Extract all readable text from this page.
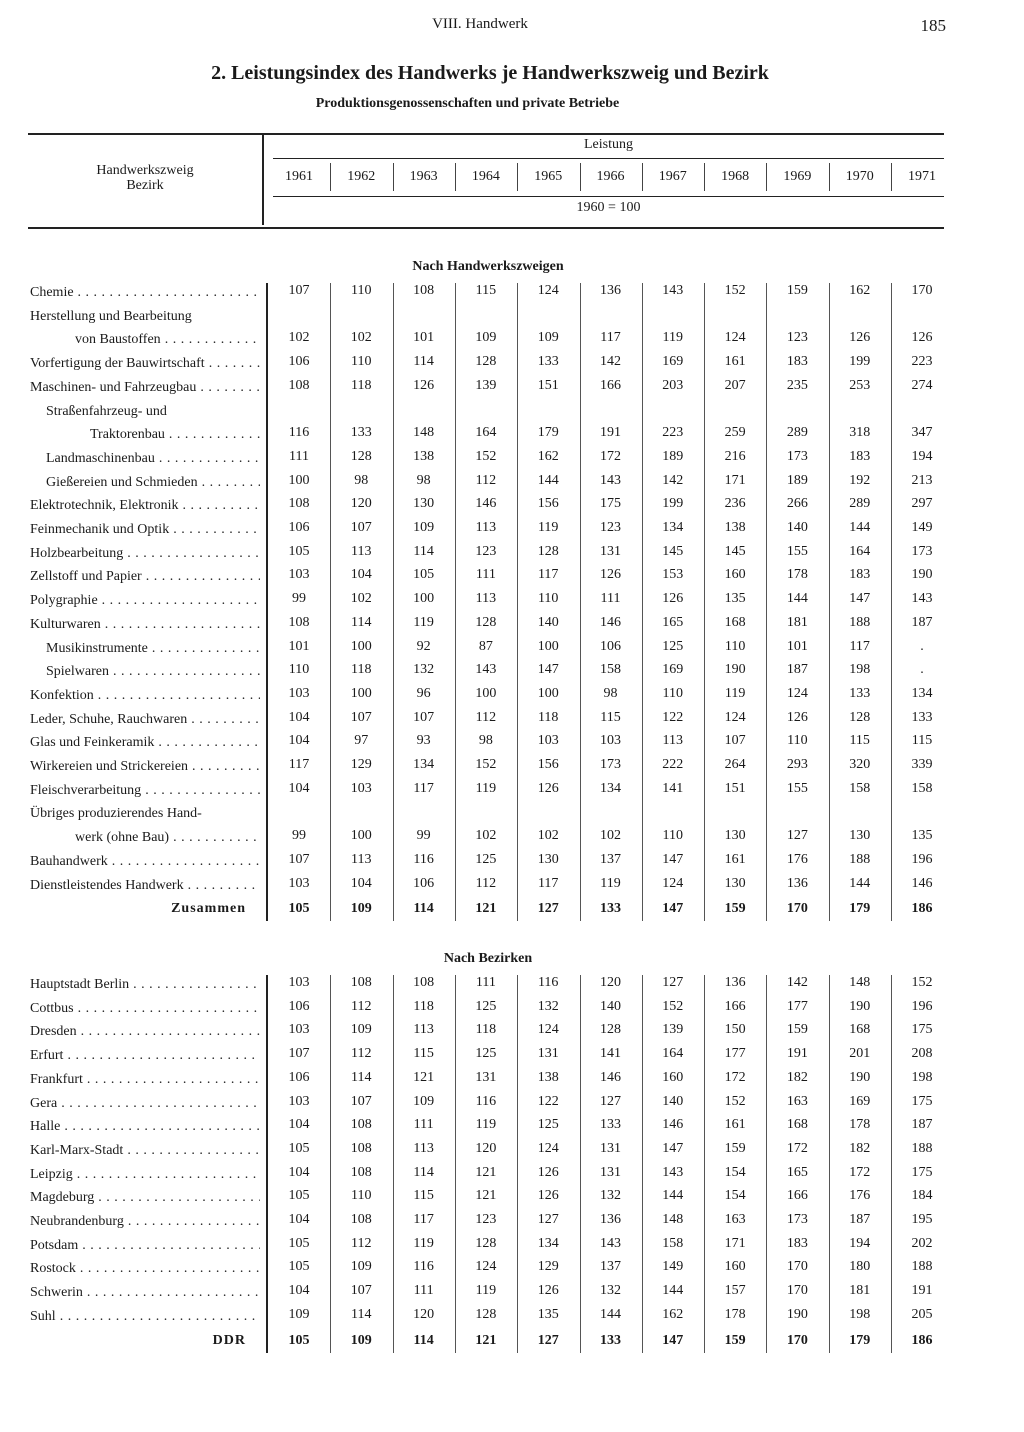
VIII. Handwerk	185
2. Leistungsindex des Handwerks je Handwerkszweig und Bezirk
Produktionsgenossenschaften und private Betriebe
Handwerkszweig
Bezirk
Leistung
1960 = 100
1961	1962	1963	1964	1965	1966	1967	1968	1969	1970	1971
Nach Handwerkszweigen
Chemie . . .	107	110	108	115	124	136	143	152	159	162	170
Herstellung und Bearbeitung
von Baustoffen . . .	102	102	101	109	109	117	119	124	123	126	126
Vorfertigung der Bauwirtschaft . . .	106	110	114	128	133	142	169	161	183	199	223
Maschinen- und Fahrzeugbau . . .	108	118	126	139	151	166	203	207	235	253	274
Straßenfahrzeug- und
Traktorenbau . . .	116	133	148	164	179	191	223	259	289	318	347
Landmaschinenbau . . .	111	128	138	152	162	172	189	216	173	183	194
Gießereien und Schmieden . . .	100	98	98	112	144	143	142	171	189	192	213
Elektrotechnik, Elektronik . . .	108	120	130	146	156	175	199	236	266	289	297
Feinmechanik und Optik . . .	106	107	109	113	119	123	134	138	140	144	149
Holzbearbeitung . . .	105	113	114	123	128	131	145	145	155	164	173
Zellstoff und Papier . . .	103	104	105	111	117	126	153	160	178	183	190
Polygraphie . . .	99	102	100	113	110	111	126	135	144	147	143
Kulturwaren . . .	108	114	119	128	140	146	165	168	181	188	187
Musikinstrumente . . .	101	100	92	87	100	106	125	110	101	117	.
Spielwaren . . .	110	118	132	143	147	158	169	190	187	198	.
Konfektion . . .	103	100	96	100	100	98	110	119	124	133	134
Leder, Schuhe, Rauchwaren . . .	104	107	107	112	118	115	122	124	126	128	133
Glas und Feinkeramik . . .	104	97	93	98	103	103	113	107	110	115	115
Wirkereien und Strickereien . . .	117	129	134	152	156	173	222	264	293	320	339
Fleischverarbeitung . . .	104	103	117	119	126	134	141	151	155	158	158
Übriges produzierendes Hand-
werk (ohne Bau) . . .	99	100	99	102	102	102	110	130	127	130	135
Bauhandwerk . . .	107	113	116	125	130	137	147	161	176	188	196
Dienstleistendes Handwerk . . .	103	104	106	112	117	119	124	130	136	144	146
Zusammen	105	109	114	121	127	133	147	159	170	179	186
Nach Bezirken
Hauptstadt Berlin . . .	103	108	108	111	116	120	127	136	142	148	152
Cottbus . . .	106	112	118	125	132	140	152	166	177	190	196
Dresden . . .	103	109	113	118	124	128	139	150	159	168	175
Erfurt . . .	107	112	115	125	131	141	164	177	191	201	208
Frankfurt . . .	106	114	121	131	138	146	160	172	182	190	198
Gera . . .	103	107	109	116	122	127	140	152	163	169	175
Halle . . .	104	108	111	119	125	133	146	161	168	178	187
Karl-Marx-Stadt . . .	105	108	113	120	124	131	147	159	172	182	188
Leipzig . . .	104	108	114	121	126	131	143	154	165	172	175
Magdeburg . . .	105	110	115	121	126	132	144	154	166	176	184
Neubrandenburg . . .	104	108	117	123	127	136	148	163	173	187	195
Potsdam . . .	105	112	119	128	134	143	158	171	183	194	202
Rostock . . .	105	109	116	124	129	137	149	160	170	180	188
Schwerin . . .	104	107	111	119	126	132	144	157	170	181	191
Suhl . . .	109	114	120	128	135	144	162	178	190	198	205
DDR	105	109	114	121	127	133	147	159	170	179	186
